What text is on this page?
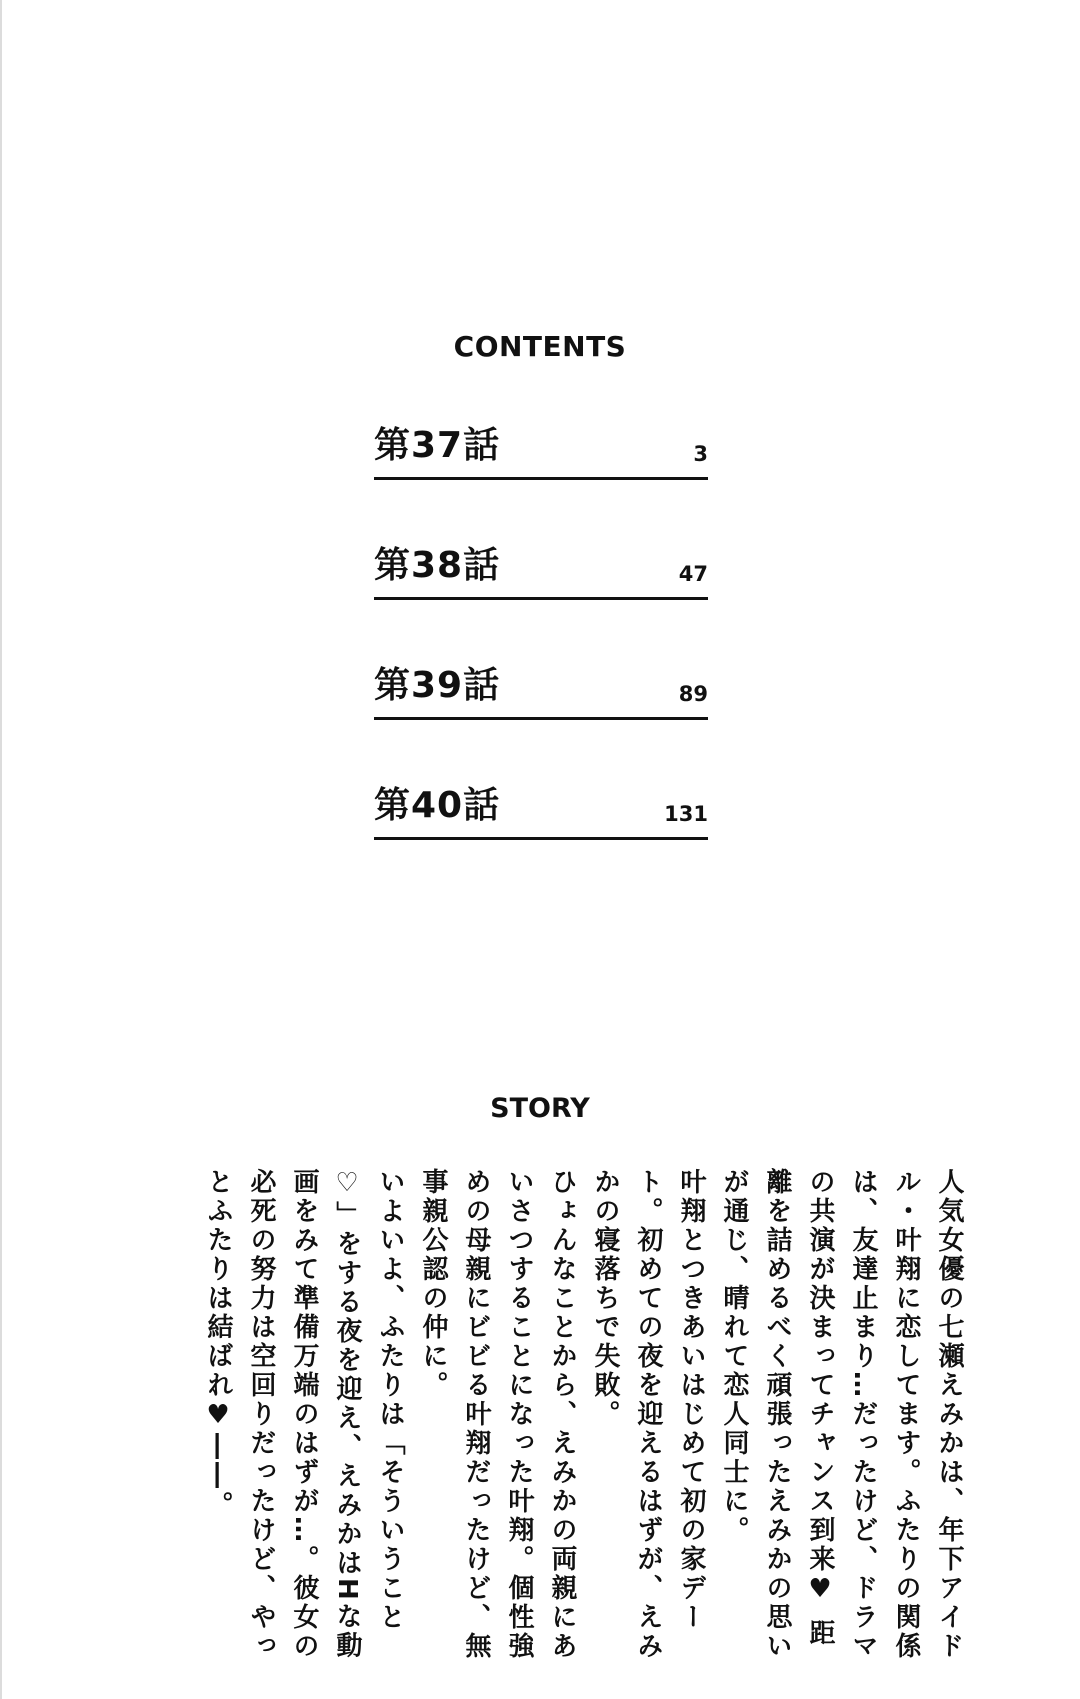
CONTENTS
第37話	3
第38話	47
第39話	89
第40話	131
STORY

人気女優の七瀬えみかは、年下アイドル・叶翔に恋してます。ふたりの関係は、友達止まり…だったけど、ドラマの共演が決まってチャンス到来♥ 距離を詰めるべく頑張ったえみかの思いが通じ、晴れて恋人同士に。

叶翔とつきあいはじめて初の家デート。初めての夜を迎えるはずが、えみかの寝落ちで失敗。

ひょんなことから、えみかの両親にあいさつすることになった叶翔。個性強めの母親にビビる叶翔だったけど、無事親公認の仲に。

いよいよ、ふたりは「そういうこと♡」をする夜を迎え、えみかはHな動画をみて準備万端のはずが…。彼女の必死の努力は空回りだったけど、やっとふたりは結ばれ♥――。
